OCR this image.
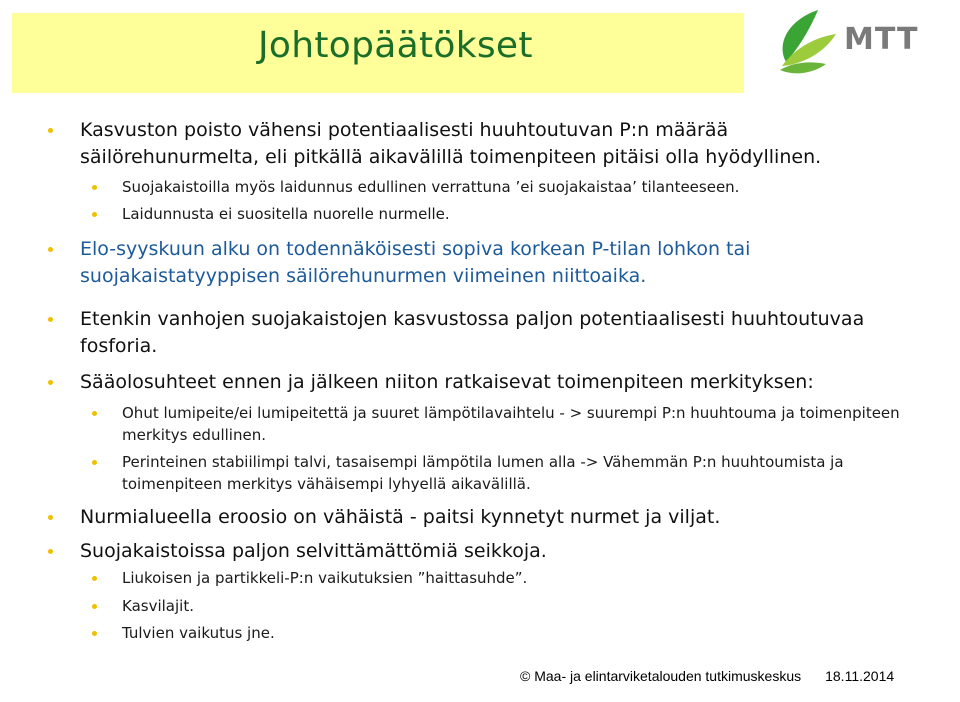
Johtopäätökset	MTT
Kasvuston poisto vähensi potentiaalisesti huuhtoutuvan P:n määrää
säilörehunurmelta, eli pitkällä aikavälillä toimenpiteen pitäisi olla hyödyllinen.
Suojakaistoilla myös laidunnus edullinen verrattuna ’ei suojakaistaa’ tilanteeseen.
Laidunnusta ei suositella nuorelle nurmelle.
Elo-syyskuun alku on todennäköisesti sopiva korkean P-tilan lohkon tai
suojakaistatyyppisen säilörehunurmen viimeinen niittoaika.
Etenkin vanhojen suojakaistojen kasvustossa paljon potentiaalisesti huuhtoutuvaa
fosforia.
Sääolosuhteet ennen ja jälkeen niiton ratkaisevat toimenpiteen merkityksen:
Ohut lumipeite/ei lumipeitettä ja suuret lämpötilavaihtelu - > suurempi P:n huuhtouma ja toimenpiteen
merkitys edullinen.
Perinteinen stabiilimpi talvi, tasaisempi lämpötila lumen alla -> Vähemmän P:n huuhtoumista ja
toimenpiteen merkitys vähäisempi lyhyellä aikavälillä.
Nurmialueella eroosio on vähäistä - paitsi kynnetyt nurmet ja viljat.
Suojakaistoissa paljon selvittämättömiä seikkoja.
Liukoisen ja partikkeli-P:n vaikutuksien ”haittasuhde”.
Kasvilajit.
Tulvien vaikutus jne.
© Maa- ja elintarviketalouden tutkimuskeskus 18.11.2014
